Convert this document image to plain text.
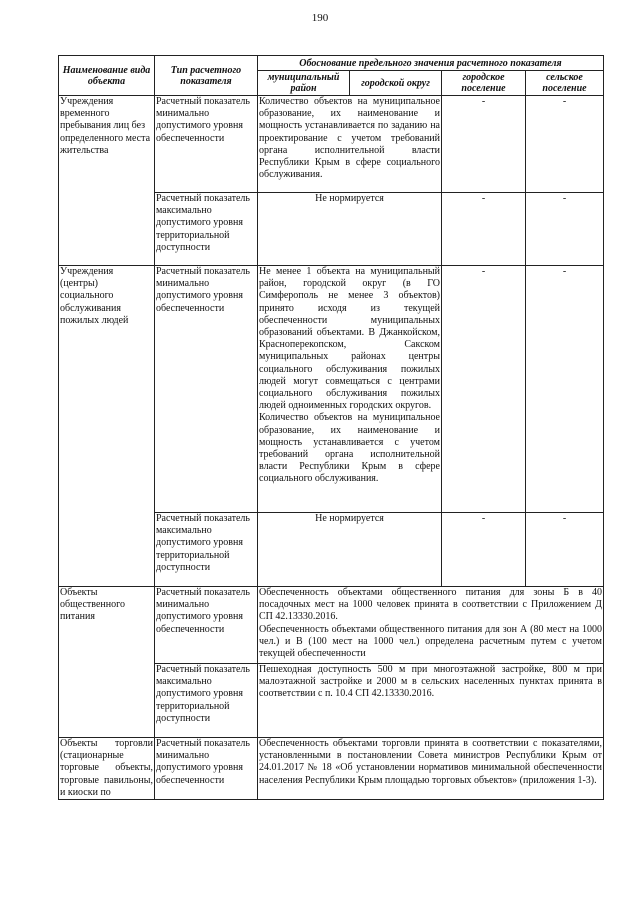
190
Наименование вида объекта	Тип расчетного показателя	Обоснование предельного значения расчетного показателя			
		муниципальный район	городской округ	городское поселение	сельское поселение
Учреждения временного пребывания лиц без определенного места жительства	Расчетный показатель минимально допустимого уровня обеспеченности	Количество объектов на муниципальное образование, их наименование и мощность устанавливается по заданию на проектирование с учетом требований органа исполнительной власти Республики Крым в сфере социального обслуживания.		-	-
	Расчетный показатель максимально допустимого уровня территориальной доступности	Не нормируется		-	-
Учреждения (центры) социального обслуживания пожилых людей	Расчетный показатель минимально допустимого уровня обеспеченности	Не менее 1 объекта на муниципальный район, городской округ (в ГО Симферополь не менее 3 объектов) принято исходя из текущей обеспеченности муниципальных образований объектами. В Джанкойском, Красноперекопском, Сакском муниципальных районах центры социального обслуживания пожилых людей могут совмещаться с центрами социального обслуживания пожилых людей одноименных городских округов.
Количество объектов на муниципальное образование, их наименование и мощность устанавливается с учетом требований органа исполнительной власти Республики Крым в сфере социального обслуживания.		-	-
	Расчетный показатель максимально допустимого уровня территориальной доступности	Не нормируется		-	-
Объекты общественного питания	Расчетный показатель минимально допустимого уровня обеспеченности	Обеспеченность объектами общественного питания для зоны Б в 40 посадочных мест на 1000 человек принята в соответствии с Приложением Д СП 42.13330.2016.
Обеспеченность объектами общественного питания для зон А (80 мест на 1000 чел.) и В (100 мест на 1000 чел.) определена расчетным путем с учетом текущей обеспеченности			

	Расчетный показатель максимально допустимого уровня территориальной доступности	Пешеходная доступность 500 м при многоэтажной застройке, 800 м при малоэтажной застройке и 2000 м в сельских населенных пунктах принята в соответствии с п. 10.4 СП 42.13330.2016.			
Объекты торговли (стационарные торговые объекты, торговые павильоны, и киоски по	Расчетный показатель минимально допустимого уровня обеспеченности	Обеспеченность объектами торговли принята в соответствии с показателями, установленными в постановлении Совета министров Республики Крым от 24.01.2017 № 18 «Об установлении нормативов минимальной обеспеченности населения Республики Крым площадью торговых объектов» (приложения 1-3).			
